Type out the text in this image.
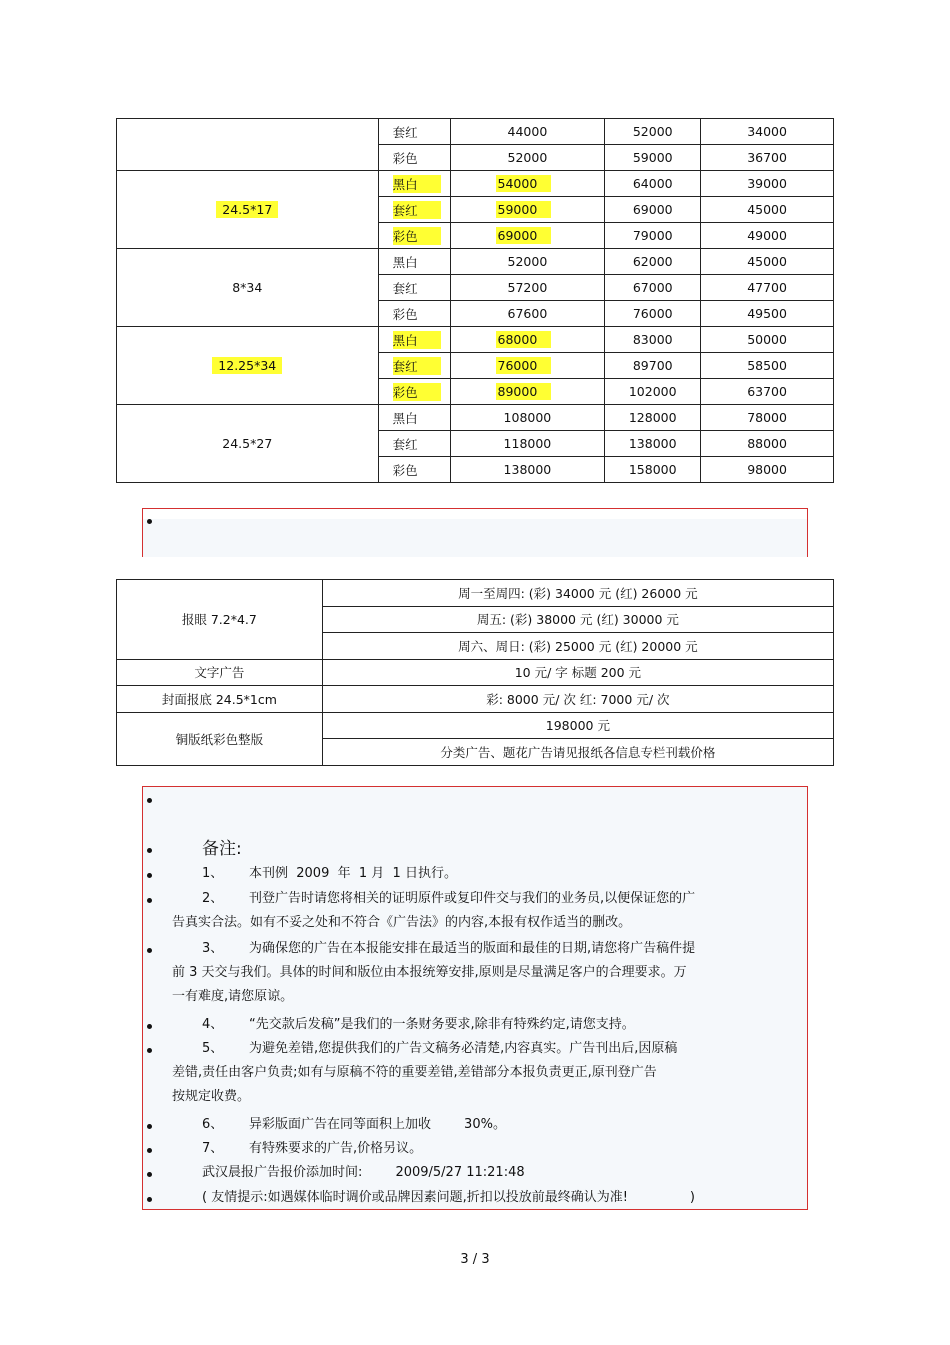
	套红	44000	52000	34000
	彩色	52000	59000	36700
24.5*17	黑白	54000	64000	39000
	套红	59000	69000	45000
	彩色	69000	79000	49000
8*34	黑白	52000	62000	45000
	套红	57200	67000	47700
	彩色	67600	76000	49500
12.25*34	黑白	68000	83000	50000
	套红	76000	89700	58500
	彩色	89000	102000	63700
24.5*27	黑白	108000	128000	78000
	套红	118000	138000	88000
	彩色	138000	158000	98000
报眼 7.2*4.7	周一至周四: (彩) 34000 元 (红) 26000 元
	周五: (彩) 38000 元 (红) 30000 元
	周六、周日: (彩) 25000 元 (红) 20000 元
文字广告	10 元/ 字 标题 200 元
封面报底 24.5*1cm	彩: 8000 元/ 次 红: 7000 元/ 次
铜版纸彩色整版	198000 元
	分类广告、题花广告请见报纸各信息专栏刊载价格
备注:
1、 本刊例  2009  年  1 月  1 日执行。
2、 刊登广告时请您将相关的证明原件或复印件交与我们的业务员,以便保证您的广
告真实合法。如有不妥之处和不符合《广告法》的内容,本报有权作适当的删改。
3、 为确保您的广告在本报能安排在最适当的版面和最佳的日期,请您将广告稿件提
前 3 天交与我们。具体的时间和版位由本报统筹安排,原则是尽量满足客户的合理要求。万
一有难度,请您原谅。
4、 “先交款后发稿”是我们的一条财务要求,除非有特殊约定,请您支持。
5、 为避免差错,您提供我们的广告文稿务必清楚,内容真实。广告刊出后,因原稿
差错,责任由客户负责;如有与原稿不符的重要差错,差错部分本报负责更正,原刊登广告
按规定收费。
6、 异彩版面广告在同等面积上加收        30%。
7、 有特殊要求的广告,价格另议。
武汉晨报广告报价添加时间:        2009/5/27 11:21:48
( 友情提示:如遇媒体临时调价或品牌因素问题,折扣以投放前最终确认为准!               )
3 / 3
